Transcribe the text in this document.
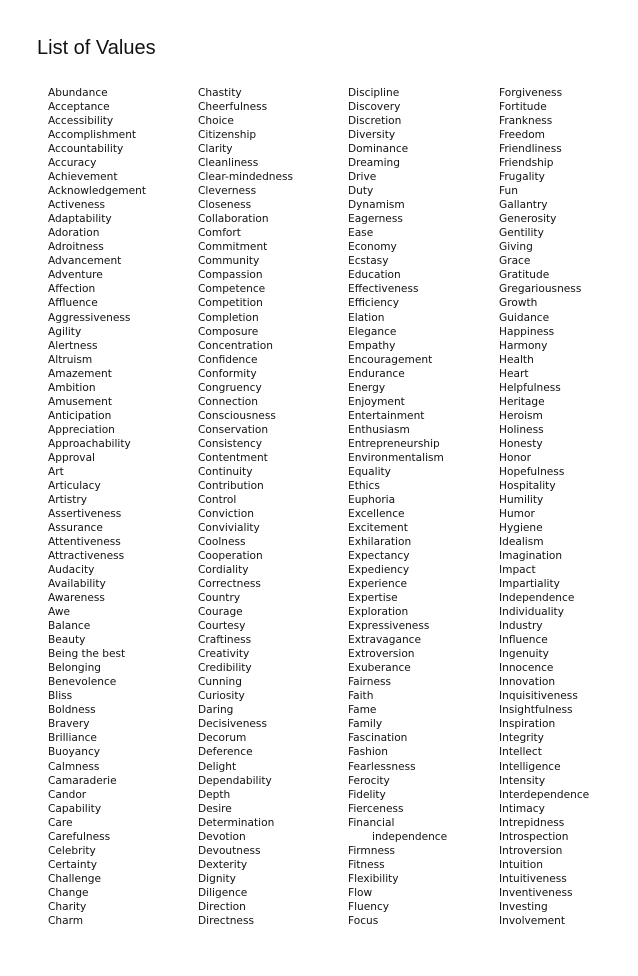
List of Values
Abundance
Acceptance
Accessibility
Accomplishment
Accountability
Accuracy
Achievement
Acknowledgement
Activeness
Adaptability
Adoration
Adroitness
Advancement
Adventure
Affection
Affluence
Aggressiveness
Agility
Alertness
Altruism
Amazement
Ambition
Amusement
Anticipation
Appreciation
Approachability
Approval
Art
Articulacy
Artistry
Assertiveness
Assurance
Attentiveness
Attractiveness
Audacity
Availability
Awareness
Awe
Balance
Beauty
Being the best
Belonging
Benevolence
Bliss
Boldness
Bravery
Brilliance
Buoyancy
Calmness
Camaraderie
Candor
Capability
Care
Carefulness
Celebrity
Certainty
Challenge
Change
Charity
Charm
Chastity
Cheerfulness
Choice
Citizenship
Clarity
Cleanliness
Clear-mindedness
Cleverness
Closeness
Collaboration
Comfort
Commitment
Community
Compassion
Competence
Competition
Completion
Composure
Concentration
Confidence
Conformity
Congruency
Connection
Consciousness
Conservation
Consistency
Contentment
Continuity
Contribution
Control
Conviction
Conviviality
Coolness
Cooperation
Cordiality
Correctness
Country
Courage
Courtesy
Craftiness
Creativity
Credibility
Cunning
Curiosity
Daring
Decisiveness
Decorum
Deference
Delight
Dependability
Depth
Desire
Determination
Devotion
Devoutness
Dexterity
Dignity
Diligence
Direction
Directness
Discipline
Discovery
Discretion
Diversity
Dominance
Dreaming
Drive
Duty
Dynamism
Eagerness
Ease
Economy
Ecstasy
Education
Effectiveness
Efficiency
Elation
Elegance
Empathy
Encouragement
Endurance
Energy
Enjoyment
Entertainment
Enthusiasm
Entrepreneurship
Environmentalism
Equality
Ethics
Euphoria
Excellence
Excitement
Exhilaration
Expectancy
Expediency
Experience
Expertise
Exploration
Expressiveness
Extravagance
Extroversion
Exuberance
Fairness
Faith
Fame
Family
Fascination
Fashion
Fearlessness
Ferocity
Fidelity
Fierceness
Financial
independence
Firmness
Fitness
Flexibility
Flow
Fluency
Focus
Forgiveness
Fortitude
Frankness
Freedom
Friendliness
Friendship
Frugality
Fun
Gallantry
Generosity
Gentility
Giving
Grace
Gratitude
Gregariousness
Growth
Guidance
Happiness
Harmony
Health
Heart
Helpfulness
Heritage
Heroism
Holiness
Honesty
Honor
Hopefulness
Hospitality
Humility
Humor
Hygiene
Idealism
Imagination
Impact
Impartiality
Independence
Individuality
Industry
Influence
Ingenuity
Innocence
Innovation
Inquisitiveness
Insightfulness
Inspiration
Integrity
Intellect
Intelligence
Intensity
Interdependence
Intimacy
Intrepidness
Introspection
Introversion
Intuition
Intuitiveness
Inventiveness
Investing
Involvement
